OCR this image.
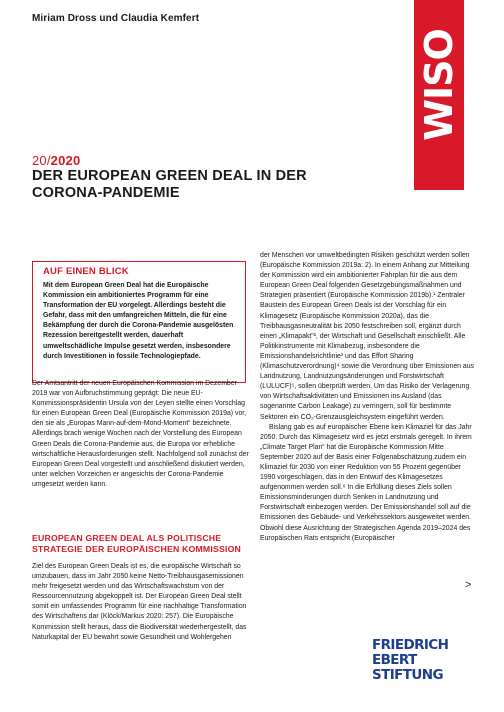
Miriam Dross und Claudia Kemfert
WISO DIREKT
20/2020
DER EUROPEAN GREEN DEAL IN DER
CORONA-PANDEMIE
AUF EINEN BLICK
Mit dem European Green Deal hat die Europäische Kommission ein ambitioniertes Programm für eine Transformation der EU vorgelegt. Allerdings besteht die Gefahr, dass mit den umfangreichen Mitteln, die für eine Bekämpfung der durch die Corona-Pandemie ausgelösten Rezession bereitgestellt werden, dauerhaft umweltschädliche Impulse gesetzt werden, insbesondere durch Investitionen in fossile Technologiepfade.

Der Amtsantritt der neuen Europäischen Kommission im Dezember 2019 war von Aufbruchstimmung geprägt: Die neue EU-Kommissionspräsidentin Ursula von der Leyen stellte einen Vorschlag für einen European Green Deal (Europäische Kommission 2019a) vor, den sie als „Europas Mann-auf-dem-Mond-Moment“ bezeichnete. Allerdings brach wenige Wochen nach der Vorstellung des European Green Deals die Corona-Pandemie aus, die Europa vor erhebliche wirtschaftliche Herausforderungen stellt. Nachfolgend soll zunächst der European Green Deal vorgestellt und anschließend diskutiert werden, unter welchen Vorzeichen er angesichts der Corona-Pandemie umgesetzt werden kann.

EUROPEAN GREEN DEAL ALS POLITISCHE STRATEGIE DER EUROPÄISCHEN KOMMISSION

Ziel des European Green Deals ist es, die europäische Wirtschaft so umzubauen, dass im Jahr 2050 keine Netto-Treibhausgasemissionen mehr freigesetzt werden und das Wirtschaftswachstum von der Ressourcennutzung abgekoppelt ist. Der European Green Deal stellt somit ein umfassendes Programm für eine nachhaltige Transformation des Wirtschaftens dar (Klöck/Markus 2020: 257). Die Europäische Kommission stellt heraus, dass die Biodiversität wiederhergestellt, das Naturkapital der EU bewahrt sowie Gesundheit und Wohlergehen

der Menschen vor umweltbedingten Risiken geschützt werden sollen (Europäische Kommission 2019a: 2). In einem Anhang zur Mitteilung der Kommission wird ein ambitionierter Fahrplan für die aus dem European Green Deal folgenden Gesetzgebungsmaßnahmen und Strategien präsentiert (Europäische Kommission 2019b).¹ Zentraler Baustein des European Green Deals ist der Vorschlag für ein Klimagesetz (Europäische Kommission 2020a), das die Treibhausgasneutralität bis 2050 festschreiben soll, ergänzt durch einen „Klimapakt“², der Wirtschaft und Gesellschaft einschließt. Alle Politikinstrumente mit Klimabezug, insbesondere die Emissionshandelsrichtlinie³ und das Effort Sharing (Klimaschutzverordnung)⁴ sowie die Verordnung über Emissionen aus Landnutzung, Landnutzungsänderungen und Forstwirtschaft (LULUCF)⁵, sollen überprüft werden. Um das Risiko der Verlagerung von Wirtschaftsaktivitäten und Emissionen ins Ausland (das sogenannte Carbon Leakage) zu verringern, soll für bestimmte Sektoren ein CO₂-Grenzausgleichsystem eingeführt werden.

Bislang gab es auf europäischer Ebene kein Klimaziel für das Jahr 2050. Durch das Klimagesetz wird es jetzt erstmals geregelt. In ihrem „Climate Target Plan“ hat die Europäische Kommission Mitte September 2020 auf der Basis einer Folgenabschätzung zudem ein Klimaziel für 2030 von einer Reduktion von 55 Prozent gegenüber 1990 vorgeschlagen, das in den Entwurf des Klimagesetzes aufgenommen werden soll.⁶ In die Erfüllung dieses Ziels sollen Emissionsminderungen durch Senken in Landnutzung und Forstwirtschaft einbezogen werden. Der Emissionshandel soll auf die Emissionen des Gebäude- und Verkehrssektors ausgeweitet werden. Obwohl diese Ausrichtung der Strategischen Agenda 2019–2024 des Europäischen Rats entspricht (Europäischer

>
FRIEDRICH
EBERT
STIFTUNG
